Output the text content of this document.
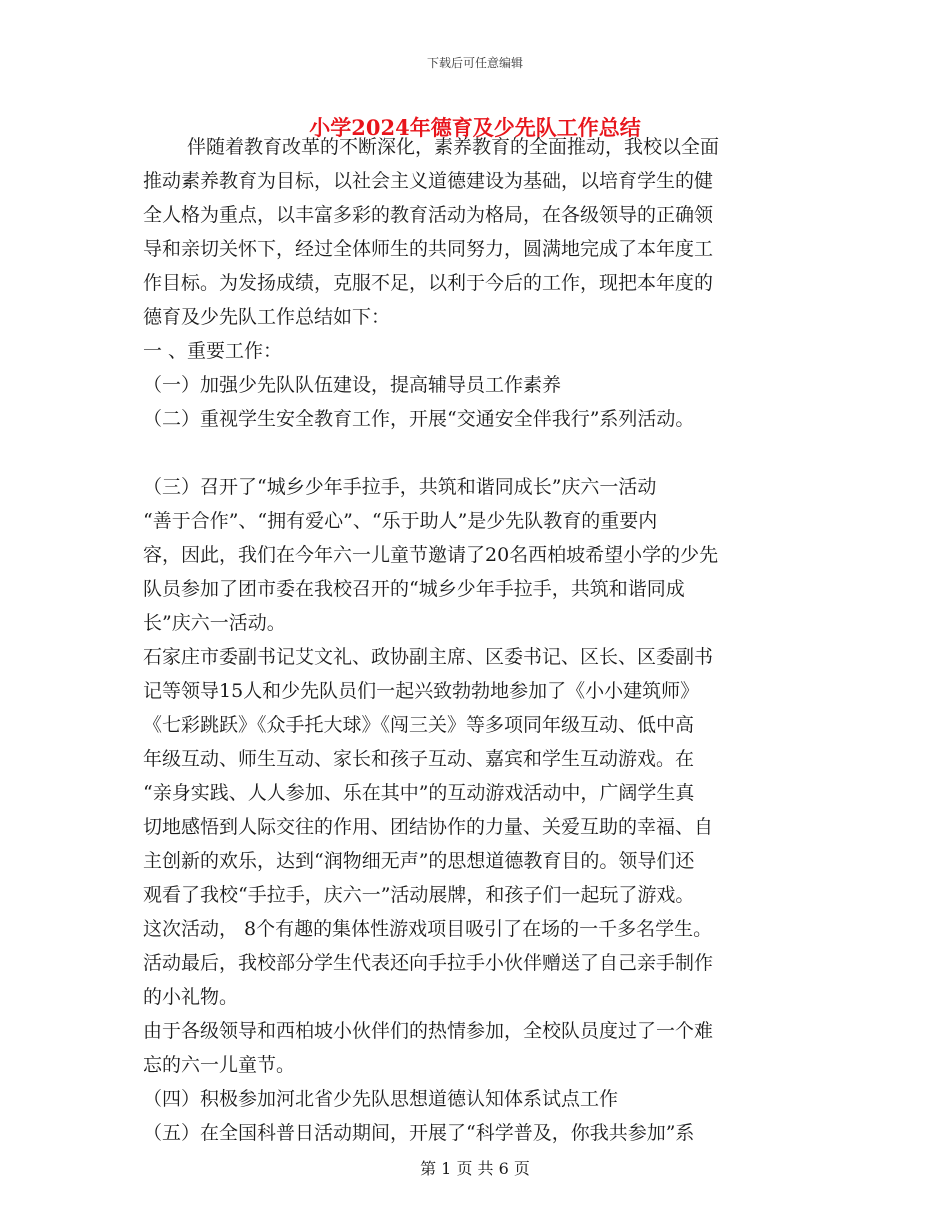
下载后可任意编辑
小学2024年德育及少先队工作总结
伴随着教育改革的不断深化，素养教育的全面推动，我校以全面
推动素养教育为目标，以社会主义道德建设为基础，以培育学生的健
全人格为重点，以丰富多彩的教育活动为格局，在各级领导的正确领
导和亲切关怀下，经过全体师生的共同努力，圆满地完成了本年度工
作目标。为发扬成绩，克服不足，以利于今后的工作，现把本年度的
德育及少先队工作总结如下：
一 、重要工作：
（一）加强少先队队伍建设，提高辅导员工作素养
（二）重视学生安全教育工作，开展“交通安全伴我行”系列活动。
（三）召开了“城乡少年手拉手，共筑和谐同成长”庆六一活动
“善于合作”、“拥有爱心”、“乐于助人”是少先队教育的重要内
容，因此，我们在今年六一儿童节邀请了20名西柏坡希望小学的少先
队员参加了团市委在我校召开的“城乡少年手拉手，共筑和谐同成
长”庆六一活动。
石家庄市委副书记艾文礼、政协副主席、区委书记、区长、区委副书
记等领导15人和少先队员们一起兴致勃勃地参加了《小小建筑师》
《七彩跳跃》《众手托大球》《闯三关》等多项同年级互动、低中高
年级互动、师生互动、家长和孩子互动、嘉宾和学生互动游戏。在
“亲身实践、人人参加、乐在其中”的互动游戏活动中，广阔学生真
切地感悟到人际交往的作用、团结协作的力量、关爱互助的幸福、自
主创新的欢乐，达到“润物细无声”的思想道德教育目的。领导们还
观看了我校“手拉手，庆六一”活动展牌，和孩子们一起玩了游戏。
这次活动， 8个有趣的集体性游戏项目吸引了在场的一千多名学生。
活动最后，我校部分学生代表还向手拉手小伙伴赠送了自己亲手制作
的小礼物。
由于各级领导和西柏坡小伙伴们的热情参加，全校队员度过了一个难
忘的六一儿童节。
（四）积极参加河北省少先队思想道德认知体系试点工作
（五）在全国科普日活动期间，开展了“科学普及，你我共参加”系
第 1 页 共 6 页
